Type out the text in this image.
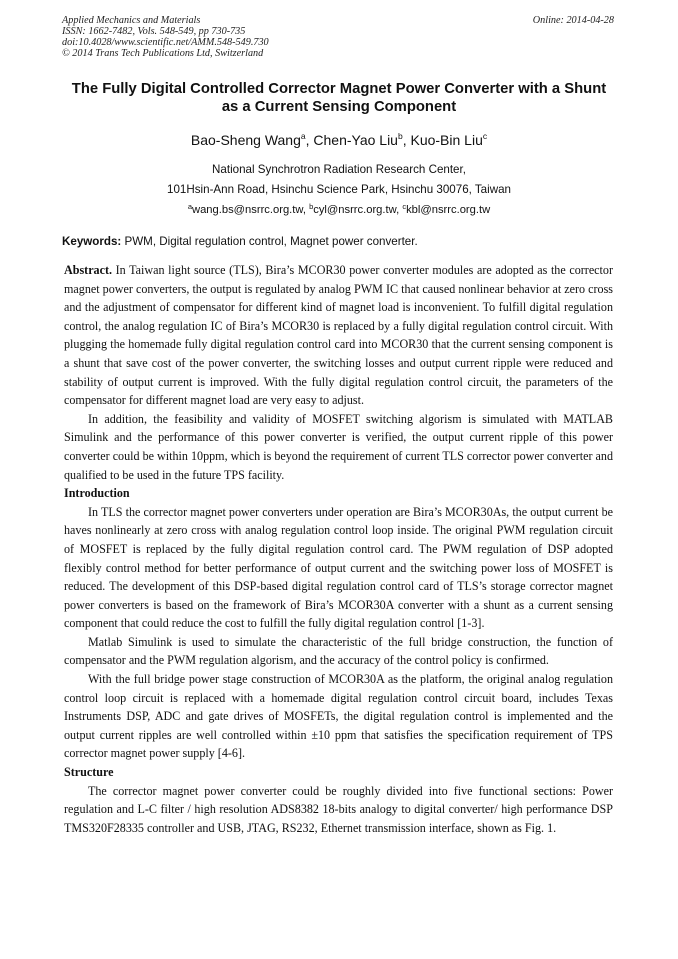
Applied Mechanics and Materials
ISSN: 1662-7482, Vols. 548-549, pp 730-735
doi:10.4028/www.scientific.net/AMM.548-549.730
© 2014 Trans Tech Publications Ltd, Switzerland
Online: 2014-04-28
The Fully Digital Controlled Corrector Magnet Power Converter with a Shunt as a Current Sensing Component
Bao-Sheng Wang$^a$, Chen-Yao Liu$^b$, Kuo-Bin Liu$^c$
National Synchrotron Radiation Research Center,
101Hsin-Ann Road, Hsinchu Science Park, Hsinchu 30076, Taiwan
$^a$wang.bs@nsrrc.org.tw, $^b$cyl@nsrrc.org.tw, $^c$kbl@nsrrc.org.tw
Keywords: PWM, Digital regulation control, Magnet power converter.

Abstract. In Taiwan light source (TLS), Bira’s MCOR30 power converter modules are adopted as the corrector magnet power converters, the output is regulated by analog PWM IC that caused nonlinear behavior at zero cross and the adjustment of compensator for different kind of magnet load is inconvenient. To fulfill digital regulation control, the analog regulation IC of Bira’s MCOR30 is replaced by a fully digital regulation control circuit. With plugging the homemade fully digital regulation control card into MCOR30 that the current sensing component is a shunt that save cost of the power converter, the switching losses and output current ripple were reduced and stability of output current is improved. With the fully digital regulation control circuit, the parameters of the compensator for different magnet load are very easy to adjust.

In addition, the feasibility and validity of MOSFET switching algorism is simulated with MATLAB Simulink and the performance of this power converter is verified, the output current ripple of this power converter could be within 10ppm, which is beyond the requirement of current TLS corrector power converter and qualified to be used in the future TPS facility.

Introduction

In TLS the corrector magnet power converters under operation are Bira’s MCOR30As, the output current be haves nonlinearly at zero cross with analog regulation control loop inside. The original PWM regulation circuit of MOSFET is replaced by the fully digital regulation control card. The PWM regulation of DSP adopted flexibly control method for better performance of output current and the switching power loss of MOSFET is reduced. The development of this DSP-based digital regulation control card of TLS’s storage corrector magnet power converters is based on the framework of Bira’s MCOR30A converter with a shunt as a current sensing component that could reduce the cost to fulfill the fully digital regulation control [1-3].

Matlab Simulink is used to simulate the characteristic of the full bridge construction, the function of compensator and the PWM regulation algorism, and the accuracy of the control policy is confirmed.

With the full bridge power stage construction of MCOR30A as the platform, the original analog regulation control loop circuit is replaced with a homemade digital regulation control circuit board, includes Texas Instruments DSP, ADC and gate drives of MOSFETs, the digital regulation control is implemented and the output current ripples are well controlled within ±10 ppm that satisfies the specification requirement of TPS corrector magnet power supply [4-6].

Structure

The corrector magnet power converter could be roughly divided into five functional sections: Power regulation and L-C filter / high resolution ADS8382 18-bits analogy to digital converter/ high performance DSP TMS320F28335 controller and USB, JTAG, RS232, Ethernet transmission interface, shown as Fig. 1.
